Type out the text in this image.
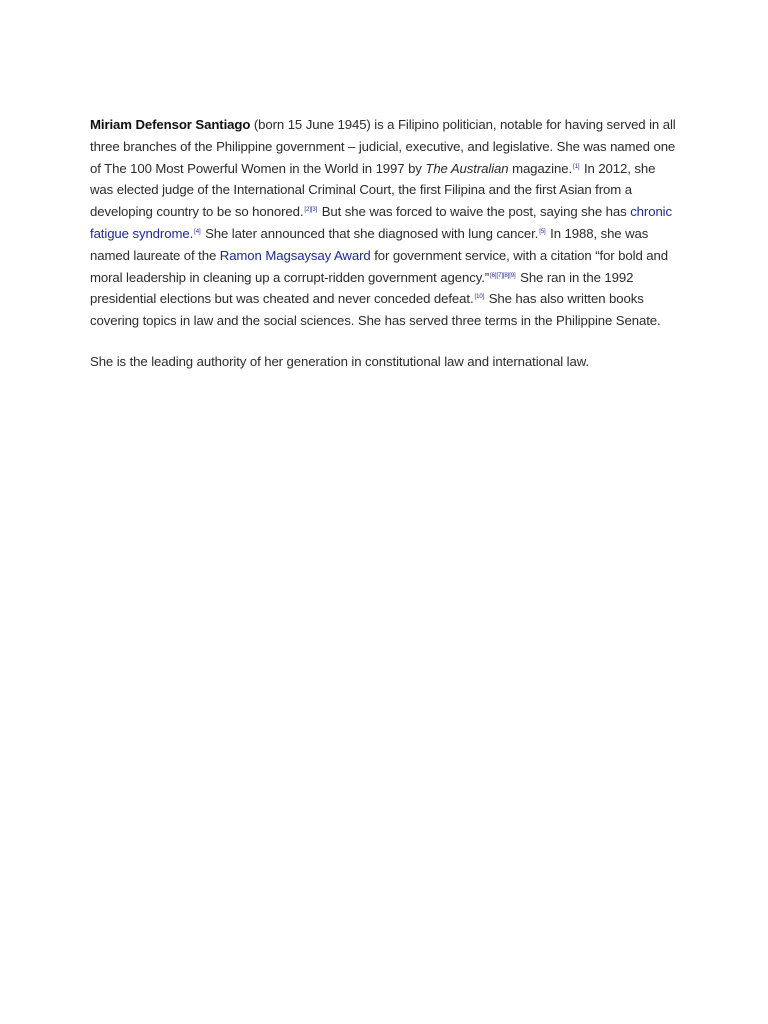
Miriam Defensor Santiago (born 15 June 1945) is a Filipino politician, notable for having served in all three branches of the Philippine government – judicial, executive, and legislative. She was named one of The 100 Most Powerful Women in the World in 1997 by The Australian magazine.[1] In 2012, she was elected judge of the International Criminal Court, the first Filipina and the first Asian from a developing country to be so honored.[2][3] But she was forced to waive the post, saying she has chronic fatigue syndrome.[4] She later announced that she diagnosed with lung cancer.[5] In 1988, she was named laureate of the Ramon Magsaysay Award for government service, with a citation “for bold and moral leadership in cleaning up a corrupt-ridden government agency.”[6][7][8][9] She ran in the 1992 presidential elections but was cheated and never conceded defeat.[10] She has also written books covering topics in law and the social sciences. She has served three terms in the Philippine Senate.

She is the leading authority of her generation in constitutional law and international law.
